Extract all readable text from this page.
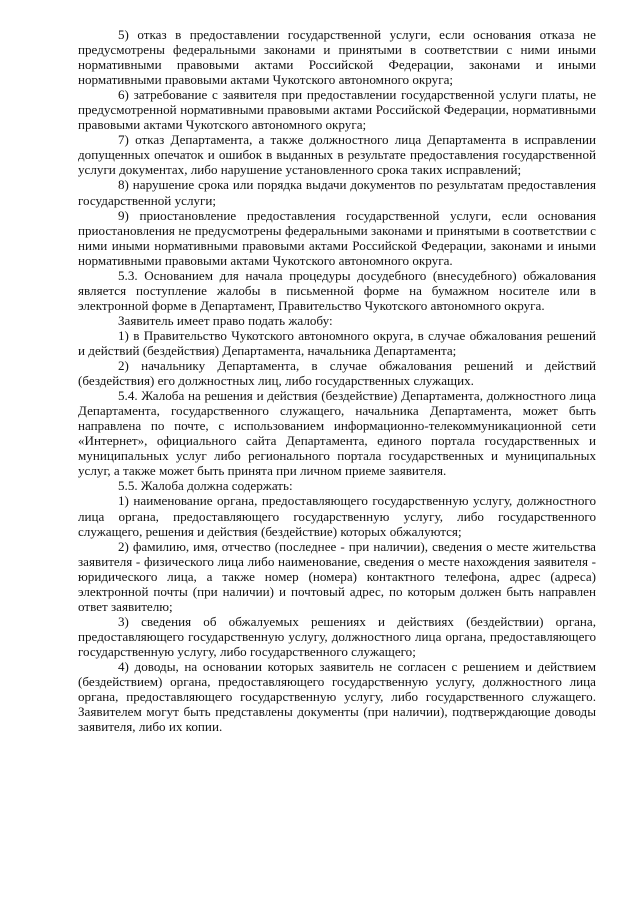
5) отказ в предоставлении государственной услуги, если основания отказа не предусмотрены федеральными законами и принятыми в соответствии с ними иными нормативными правовыми актами Российской Федерации, законами и иными нормативными правовыми актами Чукотского автономного округа;

6) затребование с заявителя при предоставлении государственной услуги платы, не предусмотренной нормативными правовыми актами Российской Федерации, нормативными правовыми актами Чукотского автономного округа;

7) отказ Департамента, а также должностного лица Департамента в исправлении допущенных опечаток и ошибок в выданных в результате предоставления государственной услуги документах, либо нарушение установленного срока таких исправлений;

8) нарушение срока или порядка выдачи документов по результатам предоставления государственной услуги;

9) приостановление предоставления государственной услуги, если основания приостановления не предусмотрены федеральными законами и принятыми в соответствии с ними иными нормативными правовыми актами Российской Федерации, законами и иными нормативными правовыми актами Чукотского автономного округа.

5.3. Основанием для начала процедуры досудебного (внесудебного) обжалования является поступление жалобы в письменной форме на бумажном носителе или в электронной форме в Департамент, Правительство Чукотского автономного округа.

Заявитель имеет право подать жалобу:

1) в Правительство Чукотского автономного округа, в случае обжалования решений и действий (бездействия) Департамента, начальника Департамента;

2) начальнику Департамента, в случае обжалования решений и действий (бездействия) его должностных лиц, либо государственных служащих.

5.4. Жалоба на решения и действия (бездействие) Департамента, должностного лица Департамента, государственного служащего, начальника Департамента, может быть направлена по почте, с использованием информационно-телекоммуникационной сети «Интернет», официального сайта Департамента, единого портала государственных и муниципальных услуг либо регионального портала государственных и муниципальных услуг, а также может быть принята при личном приеме заявителя.

5.5. Жалоба должна содержать:

1) наименование органа, предоставляющего государственную услугу, должностного лица органа, предоставляющего государственную услугу, либо государственного служащего, решения и действия (бездействие) которых обжалуются;

2) фамилию, имя, отчество (последнее - при наличии), сведения о месте жительства заявителя - физического лица либо наименование, сведения о месте нахождения заявителя - юридического лица, а также номер (номера) контактного телефона, адрес (адреса) электронной почты (при наличии) и почтовый адрес, по которым должен быть направлен ответ заявителю;

3) сведения об обжалуемых решениях и действиях (бездействии) органа, предоставляющего государственную услугу, должностного лица органа, предоставляющего государственную услугу, либо государственного служащего;

4) доводы, на основании которых заявитель не согласен с решением и действием (бездействием) органа, предоставляющего государственную услугу, должностного лица органа, предоставляющего государственную услугу, либо государственного служащего. Заявителем могут быть представлены документы (при наличии), подтверждающие доводы заявителя, либо их копии.
